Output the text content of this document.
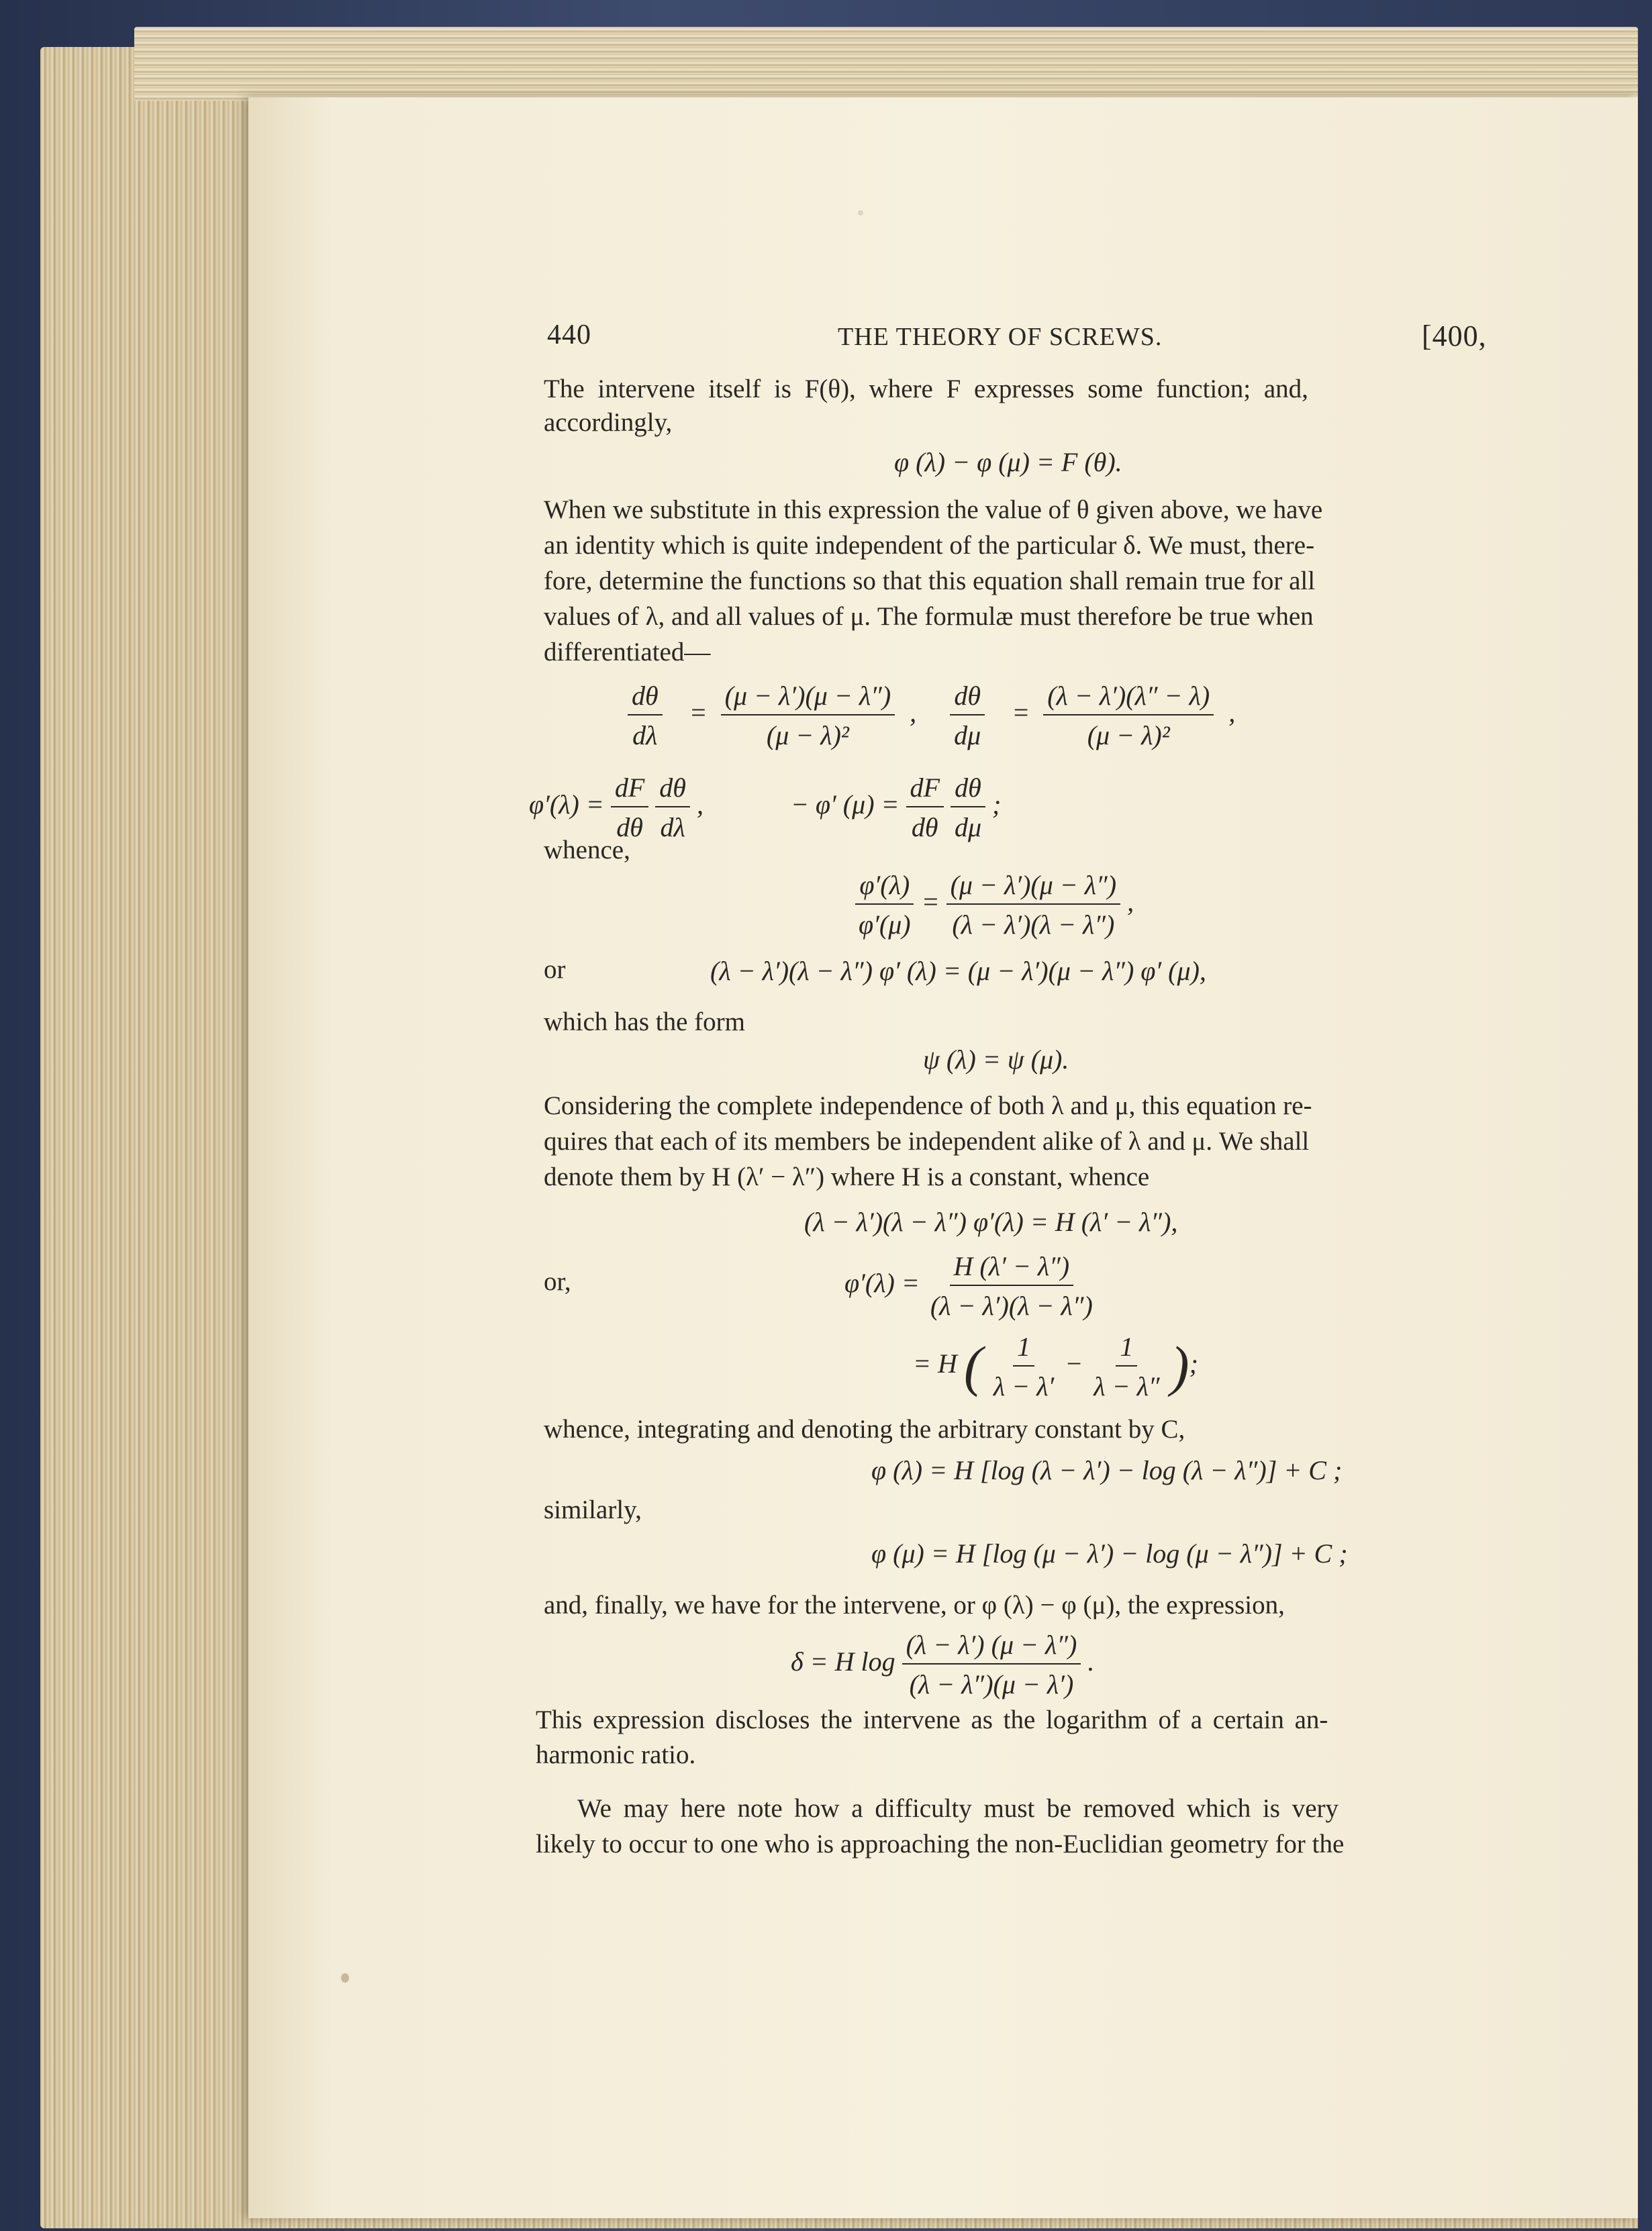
440	THE THEORY OF SCREWS.	[400,
The intervene itself is F(θ), where F expresses some function; and,
accordingly,
φ (λ) − φ (μ) = F (θ).
When we substitute in this expression the value of θ given above, we have
an identity which is quite independent of the particular δ. We must, there-
fore, determine the functions so that this equation shall remain true for all
values of λ, and all values of μ. The formulæ must therefore be true when
differentiated—
$\frac{d\theta}{d\lambda} = \frac{(\mu - \lambda')(\mu - \lambda'')}{\text{(μ − λ)²}}$ , $\frac{d\theta}{d\mu} = \frac{(\lambda - \lambda')(\lambda'' - \lambda)}{\text{(μ − λ)²}}$ ,
$\varphi'(\lambda) = \frac{dF}{d\theta}$
$\frac{d\theta}{d\lambda}$ ,	− φ′ $(\mu) = \frac{dF}{d\theta}$
$\frac{d\theta}{d\mu}$ ;
whence,
$\frac{\varphi'(\lambda)}{\varphi'(\mu)} = \frac{(\mu - \lambda')(\mu - \lambda'')}{(\lambda - \lambda')(\lambda - \lambda'')}$ ,
or	(λ − λ′)(λ − λ″) φ′ (λ) = (μ − λ′)(μ − λ″) φ′ (μ),
which has the form
ψ (λ) = ψ (μ).
Considering the complete independence of both λ and μ, this equation re-
quires that each of its members be independent alike of λ and μ. We shall
denote them by H (λ′ − λ″) where H is a constant, whence
(λ − λ′)(λ − λ″) φ′(λ) = H (λ′ − λ″),
or,	$\varphi'(\lambda) = \frac{H (\lambda' - \lambda'')}{(\lambda - \lambda')(\lambda - \lambda'')}$
= H ( $\frac{1}{\lambda - \lambda'} - \frac{1}{\lambda - \lambda''}$ );
whence, integrating and denoting the arbitrary constant by C,
φ (λ) = H [log (λ − λ′) − log (λ − λ″)] + C ;
similarly,
φ (μ) = H [log (μ − λ′) − log (μ − λ″)] + C ;
and, finally, we have for the intervene, or φ (λ) − φ (μ), the expression,
δ = H $\log \frac{(\lambda - \lambda') (\mu - \lambda'')}{(\lambda - \lambda'')(\mu - \lambda')}$ .
This expression discloses the intervene as the logarithm of a certain an-
harmonic ratio.
We may here note how a difficulty must be removed which is very
likely to occur to one who is approaching the non-Euclidian geometry for the
